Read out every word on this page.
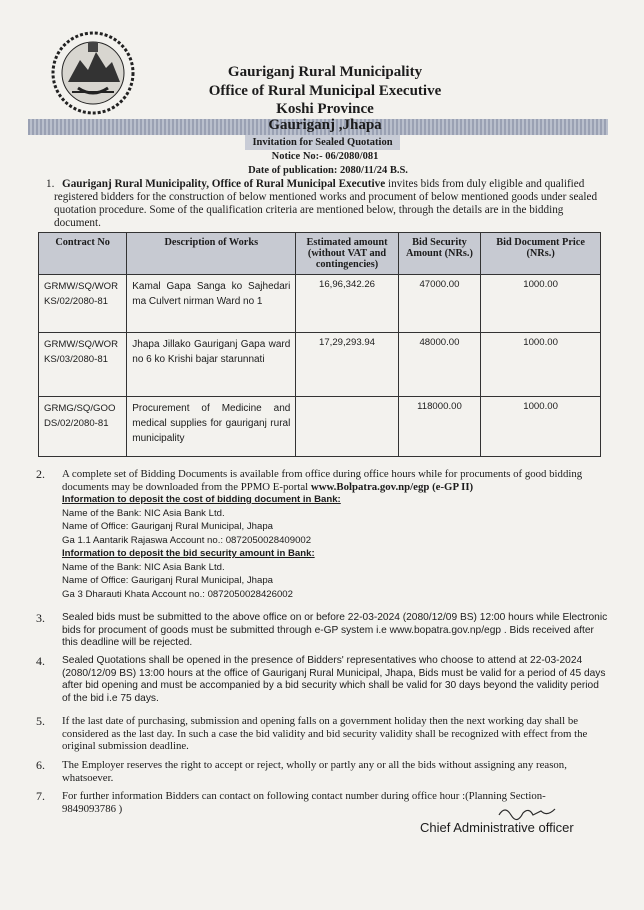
Gauriganj Rural Municipality
Office of Rural Municipal Executive
Koshi Province
Gauriganj ,Jhapa
Invitation for Sealed Quotation
Notice No:- 06/2080/081
Date of publication: 2080/11/24 B.S.
1. Gauriganj Rural Municipality, Office of Rural Municipal Executive invites bids from duly eligible and qualified registered bidders for the construction of below mentioned works and procument of below mentioned goods under sealed quotation procedure. Some of the qualification criteria are mentioned below, through the details are in the bidding document.
Contract No	Description of Works	Estimated amount (without VAT and contingencies)	Bid Security Amount (NRs.)	Bid Document Price (NRs.)
GRMW/SQ/WORKS/02/2080-81	Kamal Gapa Sanga ko Sajhedari ma Culvert nirman Ward no 1	16,96,342.26	47000.00	1000.00
GRMW/SQ/WORKS/03/2080-81	Jhapa Jillako Gauriganj Gapa ward no 6 ko Krishi bajar starunnati	17,29,293.94	48000.00	1000.00
GRMG/SQ/GOODS/02/2080-81	Procurement of Medicine and medical supplies for gauriganj rural municipality		118000.00	1000.00
2. A complete set of Bidding Documents is available from office during office hours while for procuments of good bidding documents may be downloaded from the PPMO E-portal www.Bolpatra.gov.np/egp (e-GP II)
Information to deposit the cost of bidding document in Bank:
Name of the Bank: NIC Asia Bank Ltd.
Name of Office: Gauriganj Rural Municipal, Jhapa
Ga 1.1 Aantarik Rajaswa Account no.: 087205002840900​2
Information to deposit the bid security amount in Bank:
Name of the Bank: NIC Asia Bank Ltd.
Name of Office: Gauriganj Rural Municipal, Jhapa
Ga 3 Dharauti Khata Account no.: 087205002842600​2
3. Sealed bids must be submitted to the above office on or before 22-03-2024 (2080/12/09 BS) 12:00 hours while Electronic bids for procument of goods must be submitted through e-GP system i.e www.bopatra.gov.np/egp . Bids received after this deadline will be rejected.
4. Sealed Quotations shall be opened in the presence of Bidders' representatives who choose to attend at 22-03-2024 (2080/12/09 BS) 13:00 hours at the office of Gauriganj Rural Municipal, Jhapa, Bids must be valid for a period of 45 days after bid opening and must be accompanied by a bid security which shall be valid for 30 days beyond the validity period of the bid i.e 75 days.
5. If the last date of purchasing, submission and opening falls on a government holiday then the next working day shall be considered as the last day. In such a case the bid validity and bid security validity shall be recognized with effect from the original submission deadline.
6. The Employer reserves the right to accept or reject, wholly or partly any or all the bids without assigning any reason, whatsoever.
7. For further information Bidders can contact on following contact number during office hour :(Planning Section-9849093786 )
Chief Administrative officer
